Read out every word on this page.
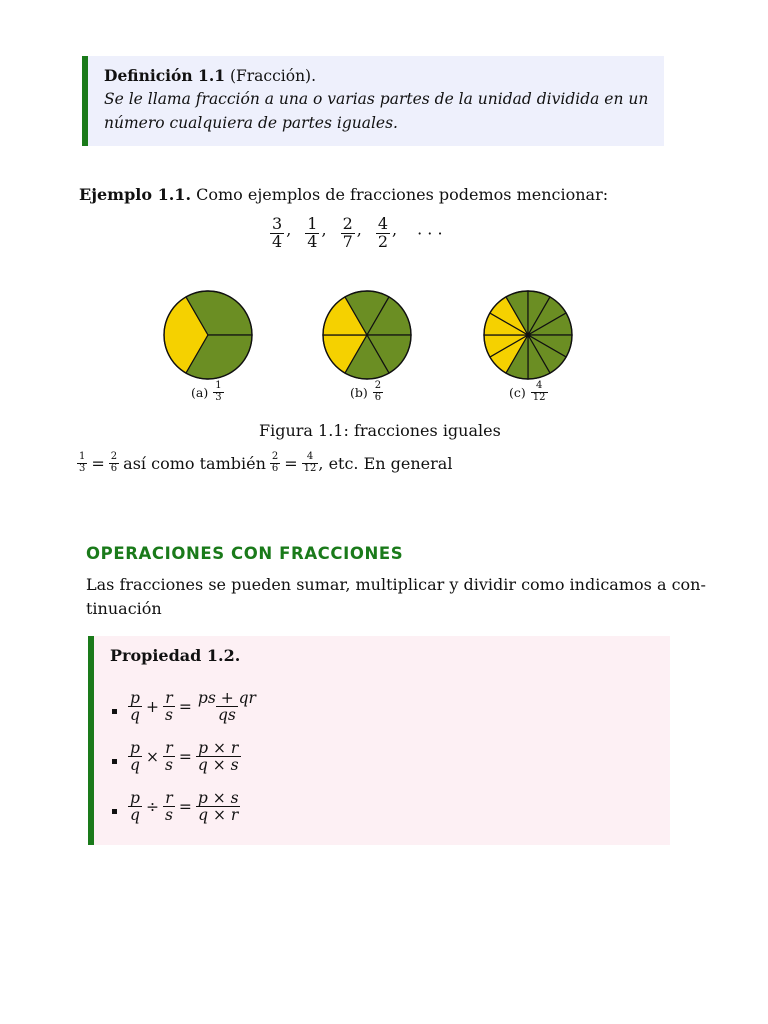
Definición 1.1 (Fracción).
Se le llama fracción a una o varias partes de la unidad dividida en un
número cualquiera de partes iguales.
Ejemplo 1.1. Como ejemplos de fracciones podemos mencionar:
$\frac{3}{4}$ , $\frac{1}{4}$ , $\frac{2}{7}$ , $\frac{4}{2}$ , · · ·
$(a) \frac{1}{3}$	$(b) \frac{2}{6}$	$(c) \frac{4}{12}$
Figura 1.1: fracciones iguales
$\frac{1}{3} = \frac{2}{6}$ así como también $\frac{2}{6} = \frac{4}{12}$ , etc. En general
OPERACIONES CON FRACCIONES
Las fracciones se pueden sumar, multiplicar y dividir como indicamos a con-
tinuación
Propiedad 1.2.
$\frac{p}{q} + \frac{r}{s} = \frac{ps + qr}{qs}$
$\frac{p}{q} \times \frac{r}{s} = \frac{p \times r}{q \times s}$
$\frac{p}{q} \div \frac{r}{s} = \frac{p \times s}{q \times r}$
